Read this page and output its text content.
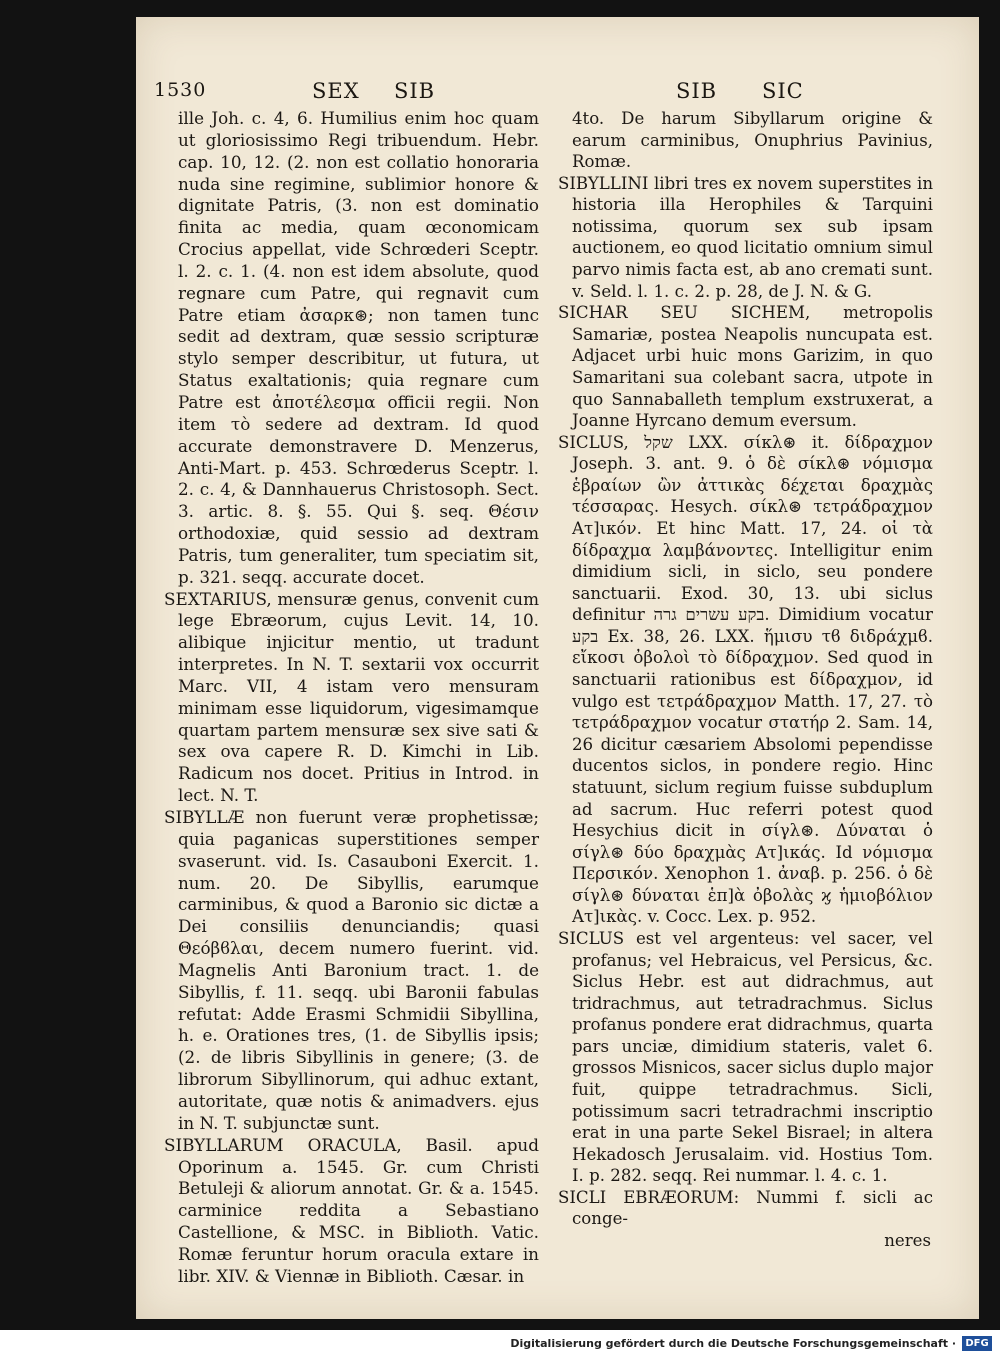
1530	SEX SIB	SIB SIC

ille Joh. c. 4, 6. Humilius enim hoc quam ut gloriosissimo Regi tribuendum. Hebr. cap. 10, 12. (2. non est collatio honoraria nuda sine regimine, sublimior honore & dignitate Patris, (3. non est dominatio finita ac media, quam œconomicam Crocius appellat, vide Schrœderi Sceptr. l. 2. c. 1. (4. non est idem absolute, quod regnare cum Patre, qui regnavit cum Patre etiam ἀσαρκ⊛; non tamen tunc sedit ad dextram, quæ sessio scripturæ stylo semper describitur, ut futura, ut Status exaltationis; quia regnare cum Patre est ἀποτέλεσμα officii regii. Non item τὸ sedere ad dextram. Id quod accurate demonstravere D. Menzerus, Anti-Mart. p. 453. Schrœderus Sceptr. l. 2. c. 4, & Dannhauerus Christosoph. Sect. 3. artic. 8. §. 55. Qui §. seq. Θέσιν orthodoxiæ, quid sessio ad dextram Patris, tum generaliter, tum speciatim sit, p. 321. seqq. accurate docet.

SEXTARIUS, mensuræ genus, convenit cum lege Ebræorum, cujus Levit. 14, 10. alibique injicitur mentio, ut tradunt interpretes. In N. T. sextarii vox occurrit Marc. VII, 4 istam vero mensuram minimam esse liquidorum, vigesimamque quartam partem mensuræ sex sive sati & sex ova capere R. D. Kimchi in Lib. Radicum nos docet. Pritius in Introd. in lect. N. T.

SIBYLLÆ non fuerunt veræ prophetissæ; quia paganicas superstitiones semper svaserunt. vid. Is. Casauboni Exercit. 1. num. 20. De Sibyllis, earumque carminibus, & quod a Baronio sic dictæ a Dei consiliis denunciandis; quasi Θεόβϐλαι, decem numero fuerint. vid. Magnelis Anti Baronium tract. 1. de Sibyllis, f. 11. seqq. ubi Baronii fabulas refutat: Adde Erasmi Schmidii Sibyllina, h. e. Orationes tres, (1. de Sibyllis ipsis; (2. de libris Sibyllinis in genere; (3. de librorum Sibyllinorum, qui adhuc extant, autoritate, quæ notis & animadvers. ejus in N. T. subjunctæ sunt.

SIBYLLARUM ORACULA, Basil. apud Oporinum a. 1545. Gr. cum Christi Betuleji & aliorum annotat. Gr. & a. 1545. carminice reddita a Sebastiano Castellione, & MSC. in Biblioth. Vatic. Romæ feruntur horum oracula extare in libr. XIV. & Viennæ in Biblioth. Cæsar. in

4to. De harum Sibyllarum origine & earum carminibus, Onuphrius Pavinius, Romæ.

SIBYLLINI libri tres ex novem superstites in historia illa Herophiles & Tarquini notissima, quorum sex sub ipsam auctionem, eo quod licitatio omnium simul parvo nimis facta est, ab ano cremati sunt. v. Seld. l. 1. c. 2. p. 28, de J. N. & G.

SICHAR SEU SICHEM, metropolis Samariæ, postea Neapolis nuncupata est. Adjacet urbi huic mons Garizim, in quo Samaritani sua colebant sacra, utpote in quo Sannaballeth templum exstruxerat, a Joanne Hyrcano demum eversum.

SICLUS, שקל LXX. σίκλ⊛ it. δίδραχμον Joseph. 3. ant. 9. ὁ δὲ σίκλ⊛ νόμισμα ἑβραίων ὢν ἀττικὰς δέχεται δραχμὰς τέσσαρας. Hesych. σίκλ⊛ τετράδραχμον Ατ]ικόν. Et hinc Matt. 17, 24. οἱ τὰ δίδραχμα λαμβάνοντες. Intelligitur enim dimidium sicli, in siclo, seu pondere sanctuarii. Exod. 30, 13. ubi siclus definitur בקע עשרים גרה. Dimidium vocatur בקע Ex. 38, 26. LXX. ἥμισυ τϐ διδράχμϐ. εἴκοσι ὀβολοὶ τὸ δίδραχμον. Sed quod in sanctuarii rationibus est δίδραχμον, id vulgo est τετράδραχμον Matth. 17, 27. τὸ τετράδραχμον vocatur στατήρ 2. Sam. 14, 26 dicitur cæsariem Absolomi pependisse ducentos siclos, in pondere regio. Hinc statuunt, siclum regium fuisse subduplum ad sacrum. Huc referri potest quod Hesychius dicit in σίγλ⊛. Δύναται ὁ σίγλ⊛ δύο δραχμὰς Ατ]ικάς. Id νόμισμα Περσικόν. Xenophon 1. ἀναβ. p. 256. ὁ δὲ σίγλ⊛ δύναται ἑπ]ὰ ὀβολὰς ϗ ἡμιοβόλιον Ατ]ικὰς. v. Cocc. Lex. p. 952.

SICLUS est vel argenteus: vel sacer, vel profanus; vel Hebraicus, vel Persicus, &c. Siclus Hebr. est aut didrachmus, aut tridrachmus, aut tetradrachmus. Siclus profanus pondere erat didrachmus, quarta pars unciæ, dimidium stateris, valet 6. grossos Misnicos, sacer siclus duplo major fuit, quippe tetradrachmus. Sicli, potissimum sacri tetradrachmi inscriptio erat in una parte Sekel Bisrael; in altera Hekadosch Jerusalaim. vid. Hostius Tom. I. p. 282. seqq. Rei nummar. l. 4. c. 1.

SICLI EBRÆORUM: Nummi f. sicli ac conge-

neres

Digitalisierung gefördert durch die Deutsche Forschungsgemeinschaft · DFG
